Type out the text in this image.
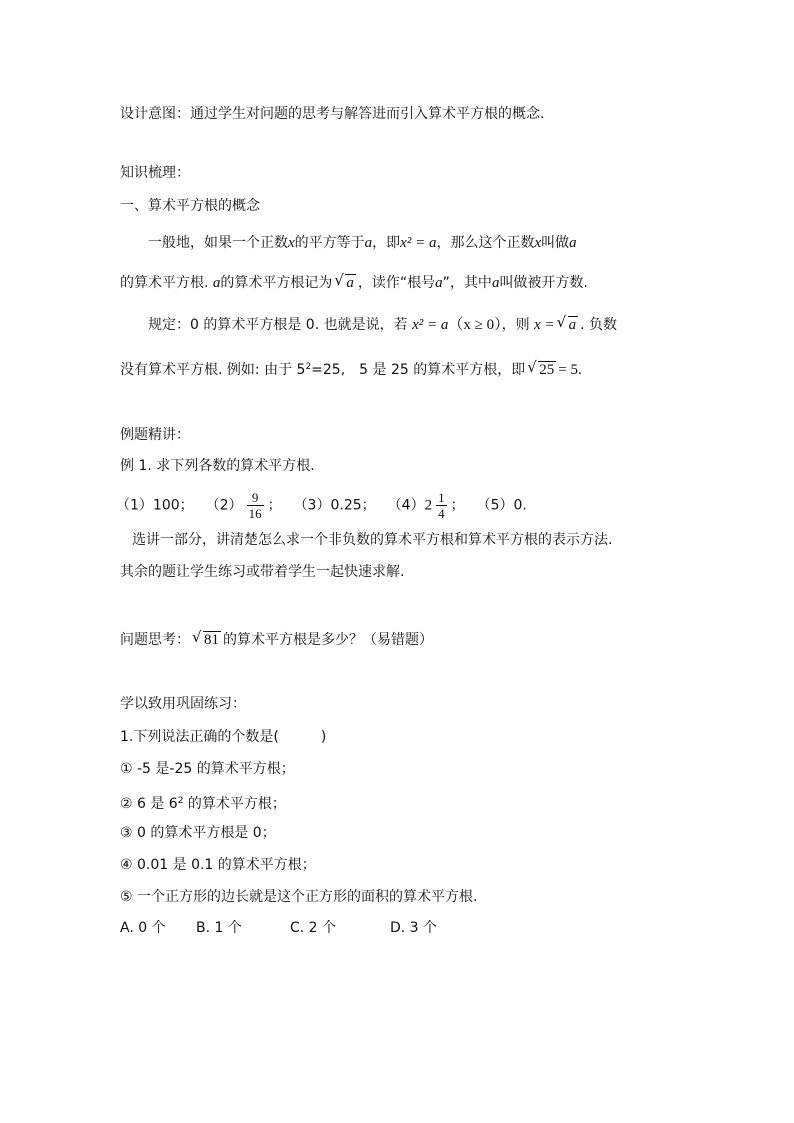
设计意图：通过学生对问题的思考与解答进而引入算术平方根的概念.
知识梳理：
一、算术平方根的概念
一般地，如果一个正数x的平方等于a，即x² = a，那么这个正数x叫做a
的算术平方根. a的算术平方根记为 √ a ，读作“根号a”，其中a叫做被开方数.
规定：0 的算术平方根是 0. 也就是说，若 x² = a（x ≥ 0），则 x = √ a . 负数
没有算术平方根. 例如: 由于 $5^2=25$,　5 是 25 的算术平方根，即 √ 25 = 5.
例题精讲：
例 1. 求下列各数的算术平方根.
（1）100； $(2) \frac{9}{16}$ ； （3）0.25； $(4)2 \frac{1}{4}$ ； （5）0.
选讲一部分，讲清楚怎么求一个非负数的算术平方根和算术平方根的表示方法.
其余的题让学生练习或带着学生一起快速求解.
问题思考： √ 81 的算术平方根是多少？（易错题）
学以致用巩固练习：
1.下列说法正确的个数是(　　　)
① -5 是-25 的算术平方根；
② 6 是 $6^2$ 的算术平方根；
③ 0 的算术平方根是 0；
④ 0.01 是 0.1 的算术平方根；
⑤ 一个正方形的边长就是这个正方形的面积的算术平方根.
A. 0 个 B. 1 个	C. 2 个	D. 3 个
